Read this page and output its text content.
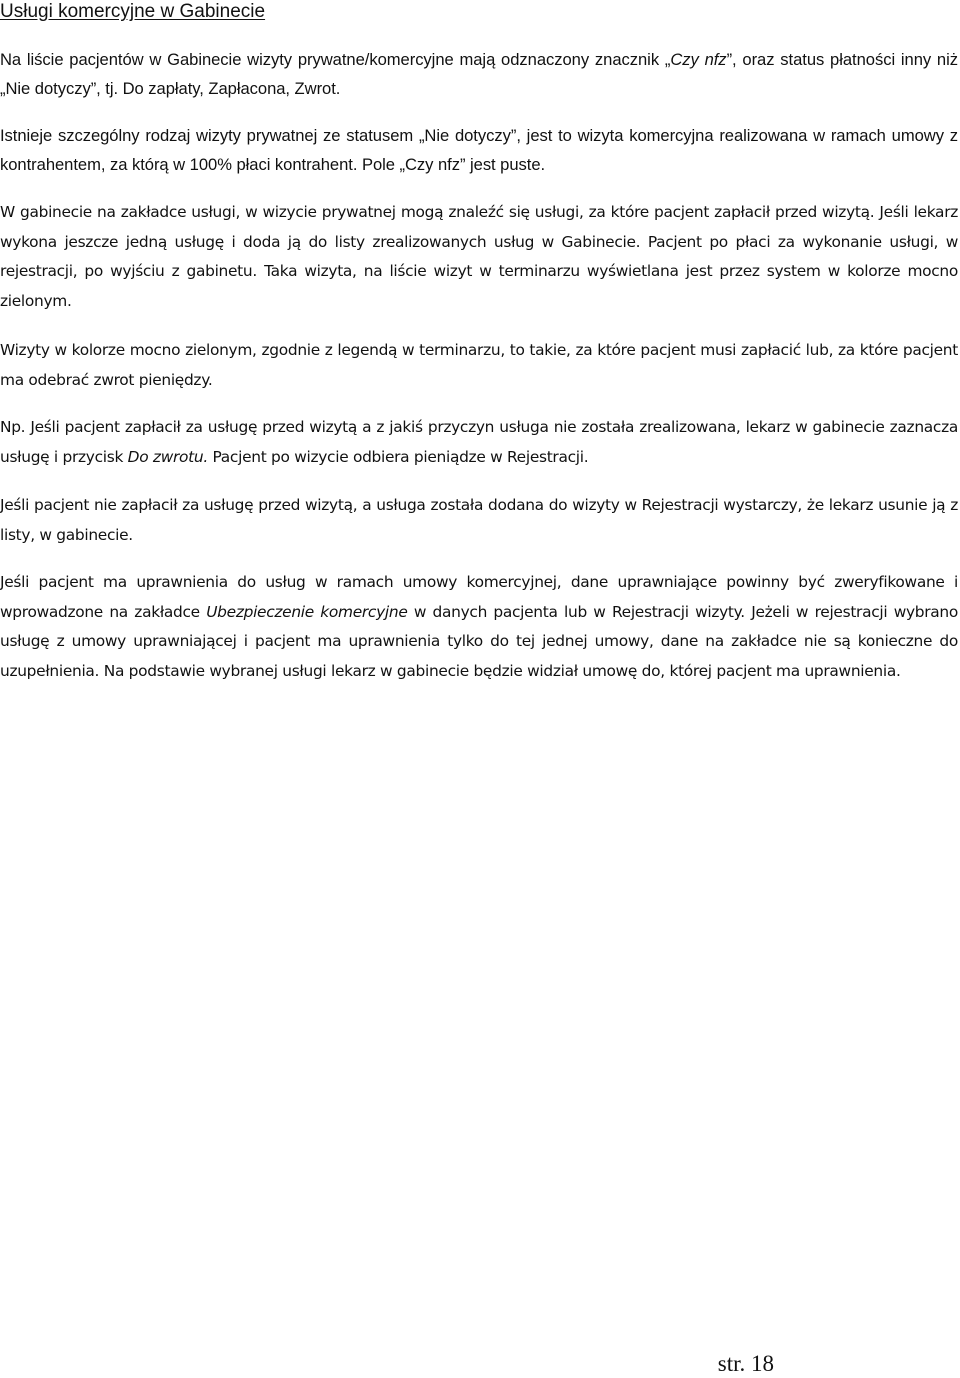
Usługi komercyjne w Gabinecie

Na liście pacjentów w Gabinecie wizyty prywatne/komercyjne mają odznaczony znacznik „Czy nfz”, oraz status płatności inny niż „Nie dotyczy”, tj. Do zapłaty, Zapłacona, Zwrot.

Istnieje szczególny rodzaj wizyty prywatnej ze statusem „Nie dotyczy”, jest to wizyta komercyjna realizowana w ramach umowy z kontrahentem, za którą w 100% płaci kontrahent. Pole „Czy nfz” jest puste.

W gabinecie na zakładce usługi, w wizycie prywatnej mogą znaleźć się usługi, za które pacjent zapłacił przed wizytą. Jeśli lekarz wykona jeszcze jedną usługę i doda ją do listy zrealizowanych usług w Gabinecie. Pacjent po płaci za wykonanie usługi, w rejestracji, po wyjściu z gabinetu. Taka wizyta, na liście wizyt w terminarzu wyświetlana jest przez system w kolorze mocno zielonym.

Wizyty w kolorze mocno zielonym, zgodnie z legendą w terminarzu, to takie, za które pacjent musi zapłacić lub, za które pacjent ma odebrać zwrot pieniędzy.

Np. Jeśli pacjent zapłacił za usługę przed wizytą a z jakiś przyczyn usługa nie została zrealizowana, lekarz w gabinecie zaznacza usługę i przycisk Do zwrotu. Pacjent po wizycie odbiera pieniądze w Rejestracji.

Jeśli pacjent nie zapłacił za usługę przed wizytą, a usługa została dodana do wizyty w Rejestracji wystarczy, że lekarz usunie ją z listy, w gabinecie.

Jeśli pacjent ma uprawnienia do usług w ramach umowy komercyjnej, dane uprawniające powinny być zweryfikowane i wprowadzone na zakładce Ubezpieczenie komercyjne w danych pacjenta lub w Rejestracji wizyty. Jeżeli w rejestracji wybrano usługę z umowy uprawniającej i pacjent ma uprawnienia tylko do tej jednej umowy, dane na zakładce nie są konieczne do uzupełnienia. Na podstawie wybranej usługi lekarz w gabinecie będzie widział umowę do, której pacjent ma uprawnienia.

str. 18
